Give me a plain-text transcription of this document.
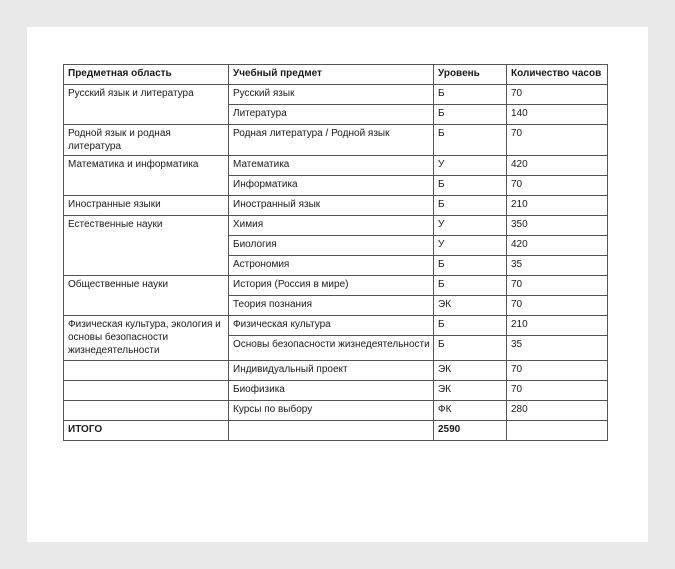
Предметная область	Учебный предмет	Уровень	Количество часов
Русский язык и литература	Русский язык	Б	70
	Литература	Б	140
Родной язык и родная литература	Родная литература / Родной язык	Б	70
Математика и информатика	Математика	У	420
	Информатика	Б	70
Иностранные языки	Иностранный язык	Б	210
Естественные науки	Химия	У	350
	Биология	У	420
	Астрономия	Б	35
Общественные науки	История (Россия в мире)	Б	70
	Теория познания	ЭК	70
Физическая культура, экология и основы безопасности жизнедеятельности	Физическая культура	Б	210
	Основы безопасности жизнедеятельности	Б	35
	Индивидуальный проект	ЭК	70
	Биофизика	ЭК	70
	Курсы по выбору	ФК	280
ИТОГО		2590	
